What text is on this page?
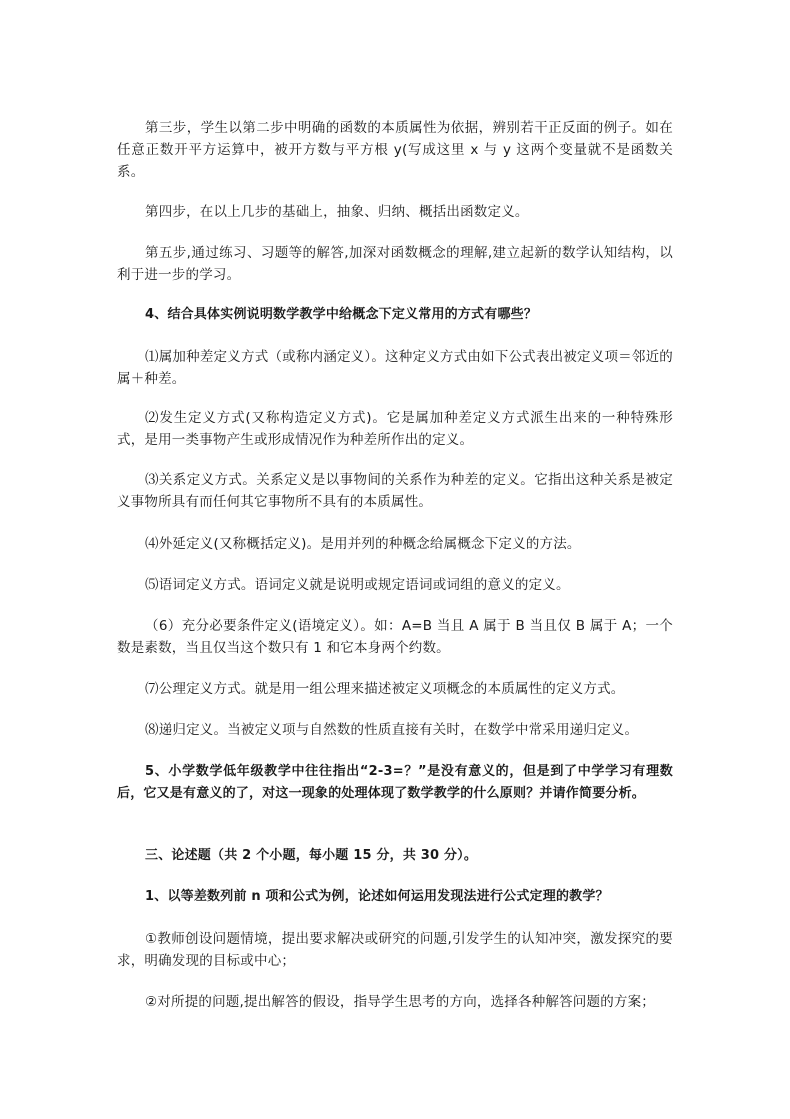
第三步，学生以第二步中明确的函数的本质属性为依据，辨别若干正反面的例子。如在任意正数开平方运算中，被开方数与平方根 y(写成这里 x 与 y 这两个变量就不是函数关系。

第四步，在以上几步的基础上，抽象、归纳、概括出函数定义。

第五步,通过练习、习题等的解答,加深对函数概念的理解,建立起新的数学认知结构，以利于进一步的学习。

4、结合具体实例说明数学教学中给概念下定义常用的方式有哪些？

⑴属加种差定义方式（或称内涵定义）。这种定义方式由如下公式表出被定义项＝邻近的属＋种差。

⑵发生定义方式(又称构造定义方式)。它是属加种差定义方式派生出来的一种特殊形式，是用一类事物产生或形成情况作为种差所作出的定义。

⑶关系定义方式。关系定义是以事物间的关系作为种差的定义。它指出这种关系是被定义事物所具有而任何其它事物所不具有的本质属性。

⑷外延定义(又称概括定义)。是用并列的种概念给属概念下定义的方法。

⑸语词定义方式。语词定义就是说明或规定语词或词组的意义的定义。

（6）充分必要条件定义(语境定义）。如：A=B 当且 A 属于 B 当且仅 B 属于 A；一个数是素数，当且仅当这个数只有 1 和它本身两个约数。

⑺公理定义方式。就是用一组公理来描述被定义项概念的本质属性的定义方式。

⑻递归定义。当被定义项与自然数的性质直接有关时，在数学中常采用递归定义。

5、小学数学低年级教学中往往指出“2-3=？”是没有意义的，但是到了中学学习有理数后，它又是有意义的了，对这一现象的处理体现了数学教学的什么原则？并请作简要分析。

三、论述题（共 2 个小题，每小题 15 分，共 30 分）。

1、以等差数列前 n 项和公式为例，论述如何运用发现法进行公式定理的教学？

①教师创设问题情境，提出要求解决或研究的问题,引发学生的认知冲突，激发探究的要求，明确发现的目标或中心；

②对所提的问题,提出解答的假设，指导学生思考的方向，选择各种解答问题的方案；
